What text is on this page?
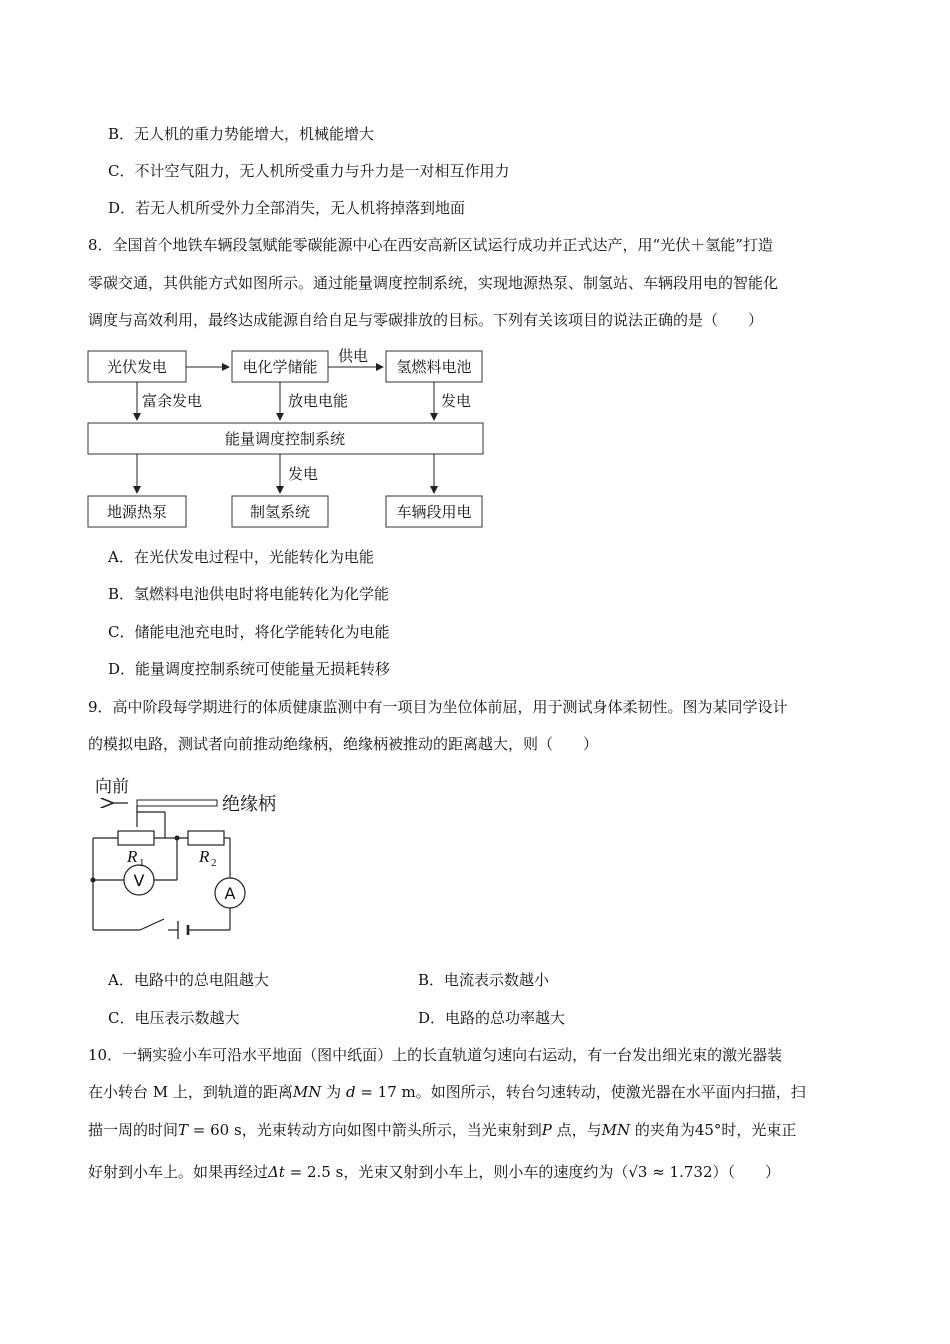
B．无人机的重力势能增大，机械能增大
C．不计空气阻力，无人机所受重力与升力是一对相互作用力
D．若无人机所受外力全部消失，无人机将掉落到地面
8．全国首个地铁车辆段氢赋能零碳能源中心在西安高新区试运行成功并正式达产，用“光伏＋氢能”打造
零碳交通，其供能方式如图所示。通过能量调度控制系统，实现地源热泵、制氢站、车辆段用电的智能化
调度与高效利用，最终达成能源自给自足与零碳排放的目标。下列有关该项目的说法正确的是（　　）
光伏发电	电化学储能	氢燃料电池
能量调度控制系统
地源热泵	制氢系统	车辆段用电
供电
富余发电	放电电能	发电
发电
A．在光伏发电过程中，光能转化为电能
B．氢燃料电池供电时将电能转化为化学能
C．储能电池充电时，将化学能转化为电能
D．能量调度控制系统可使能量无损耗转移
9．高中阶段每学期进行的体质健康监测中有一项目为坐位体前屈，用于测试身体柔韧性。图为某同学设计
的模拟电路，测试者向前推动绝缘柄，绝缘柄被推动的距离越大，则（　　）
向前
绝缘柄
V
A
R 1	R 2
A．电路中的总电阻越大	B．电流表示数越小
C．电压表示数越大	D．电路的总功率越大
10．一辆实验小车可沿水平地面（图中纸面）上的长直轨道匀速向右运动，有一台发出细光束的激光器装
在小转台 M 上，到轨道的距离MN 为 d = 17 m。如图所示，转台匀速转动，使激光器在水平面内扫描，扫
描一周的时间T = 60 s，光束转动方向如图中箭头所示，当光束射到P 点，与MN 的夹角为45°时，光束正
好射到小车上。如果再经过Δt = 2.5 s，光束又射到小车上，则小车的速度约为（√3 ≈ 1.732）（　　）
